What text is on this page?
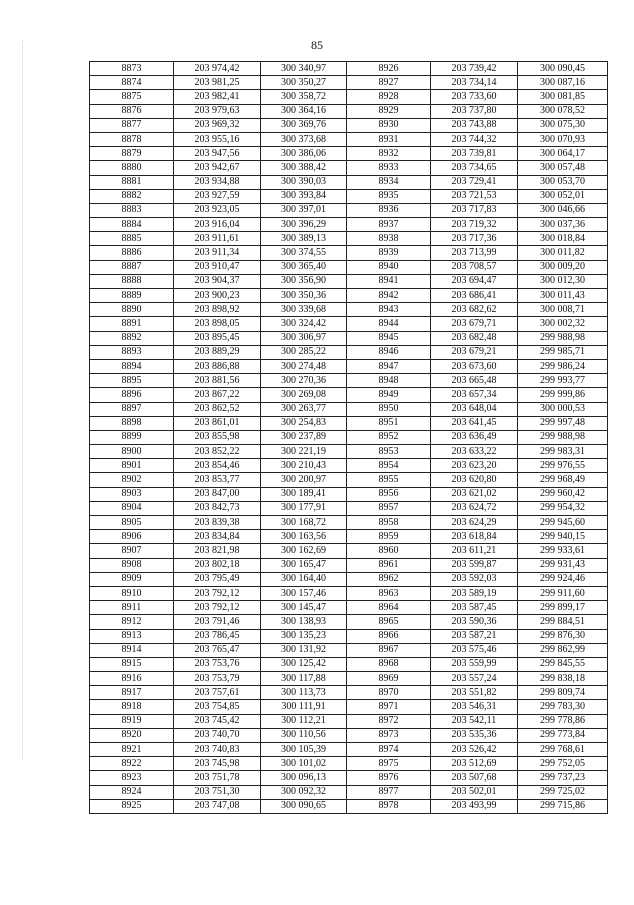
85
8873	203 974,42	300 340,97	8926	203 739,42	300 090,45
8874	203 981,25	300 350,27	8927	203 734,14	300 087,16
8875	203 982,41	300 358,72	8928	203 733,60	300 081,85
8876	203 979,63	300 364,16	8929	203 737,80	300 078,52
8877	203 969,32	300 369,76	8930	203 743,88	300 075,30
8878	203 955,16	300 373,68	8931	203 744,32	300 070,93
8879	203 947,56	300 386,06	8932	203 739,81	300 064,17
8880	203 942,67	300 388,42	8933	203 734,65	300 057,48
8881	203 934,88	300 390,03	8934	203 729,41	300 053,70
8882	203 927,59	300 393,84	8935	203 721,53	300 052,01
8883	203 923,05	300 397,01	8936	203 717,83	300 046,66
8884	203 916,04	300 396,29	8937	203 719,32	300 037,36
8885	203 911,61	300 389,13	8938	203 717,36	300 018,84
8886	203 911,34	300 374,55	8939	203 713,99	300 011,82
8887	203 910,47	300 365,40	8940	203 708,57	300 009,20
8888	203 904,37	300 356,90	8941	203 694,47	300 012,30
8889	203 900,23	300 350,36	8942	203 686,41	300 011,43
8890	203 898,92	300 339,68	8943	203 682,62	300 008,71
8891	203 898,05	300 324,42	8944	203 679,71	300 002,32
8892	203 895,45	300 306,97	8945	203 682,48	299 988,98
8893	203 889,29	300 285,22	8946	203 679,21	299 985,71
8894	203 886,88	300 274,48	8947	203 673,60	299 986,24
8895	203 881,56	300 270,36	8948	203 665,48	299 993,77
8896	203 867,22	300 269,08	8949	203 657,34	299 999,86
8897	203 862,52	300 263,77	8950	203 648,04	300 000,53
8898	203 861,01	300 254,83	8951	203 641,45	299 997,48
8899	203 855,98	300 237,89	8952	203 636,49	299 988,98
8900	203 852,22	300 221,19	8953	203 633,22	299 983,31
8901	203 854,46	300 210,43	8954	203 623,20	299 976,55
8902	203 853,77	300 200,97	8955	203 620,80	299 968,49
8903	203 847,00	300 189,41	8956	203 621,02	299 960,42
8904	203 842,73	300 177,91	8957	203 624,72	299 954,32
8905	203 839,38	300 168,72	8958	203 624,29	299 945,60
8906	203 834,84	300 163,56	8959	203 618,84	299 940,15
8907	203 821,98	300 162,69	8960	203 611,21	299 933,61
8908	203 802,18	300 165,47	8961	203 599,87	299 931,43
8909	203 795,49	300 164,40	8962	203 592,03	299 924,46
8910	203 792,12	300 157,46	8963	203 589,19	299 911,60
8911	203 792,12	300 145,47	8964	203 587,45	299 899,17
8912	203 791,46	300 138,93	8965	203 590,36	299 884,51
8913	203 786,45	300 135,23	8966	203 587,21	299 876,30
8914	203 765,47	300 131,92	8967	203 575,46	299 862,99
8915	203 753,76	300 125,42	8968	203 559,99	299 845,55
8916	203 753,79	300 117,88	8969	203 557,24	299 838,18
8917	203 757,61	300 113,73	8970	203 551,82	299 809,74
8918	203 754,85	300 111,91	8971	203 546,31	299 783,30
8919	203 745,42	300 112,21	8972	203 542,11	299 778,86
8920	203 740,70	300 110,56	8973	203 535,36	299 773,84
8921	203 740,83	300 105,39	8974	203 526,42	299 768,61
8922	203 745,98	300 101,02	8975	203 512,69	299 752,05
8923	203 751,78	300 096,13	8976	203 507,68	299 737,23
8924	203 751,30	300 092,32	8977	203 502,01	299 725,02
8925	203 747,08	300 090,65	8978	203 493,99	299 715,86
